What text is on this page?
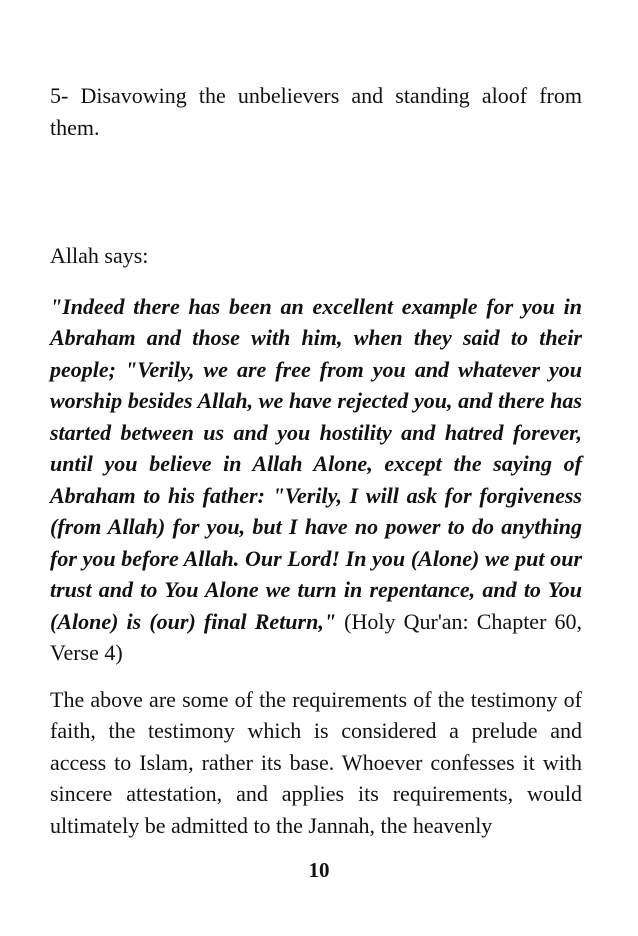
5- Disavowing the unbelievers and standing aloof from them.

Allah says:

"Indeed there has been an excellent example for you in Abraham and those with him, when they said to their people; "Verily, we are free from you and whatever you worship besides Allah, we have rejected you, and there has started between us and you hostility and hatred forever, until you believe in Allah Alone, except the saying of Abraham to his father: "Verily, I will ask for forgiveness (from Allah) for you, but I have no power to do anything for you before Allah. Our Lord! In you (Alone) we put our trust and to You Alone we turn in repentance, and to You (Alone) is (our) final Return," (Holy Qur'an: Chapter 60, Verse 4)

The above are some of the requirements of the testimony of faith, the testimony which is considered a prelude and access to Islam, rather its base. Whoever confesses it with sincere attestation, and applies its requirements, would ultimately be admitted to the Jannah, the heavenly

10
